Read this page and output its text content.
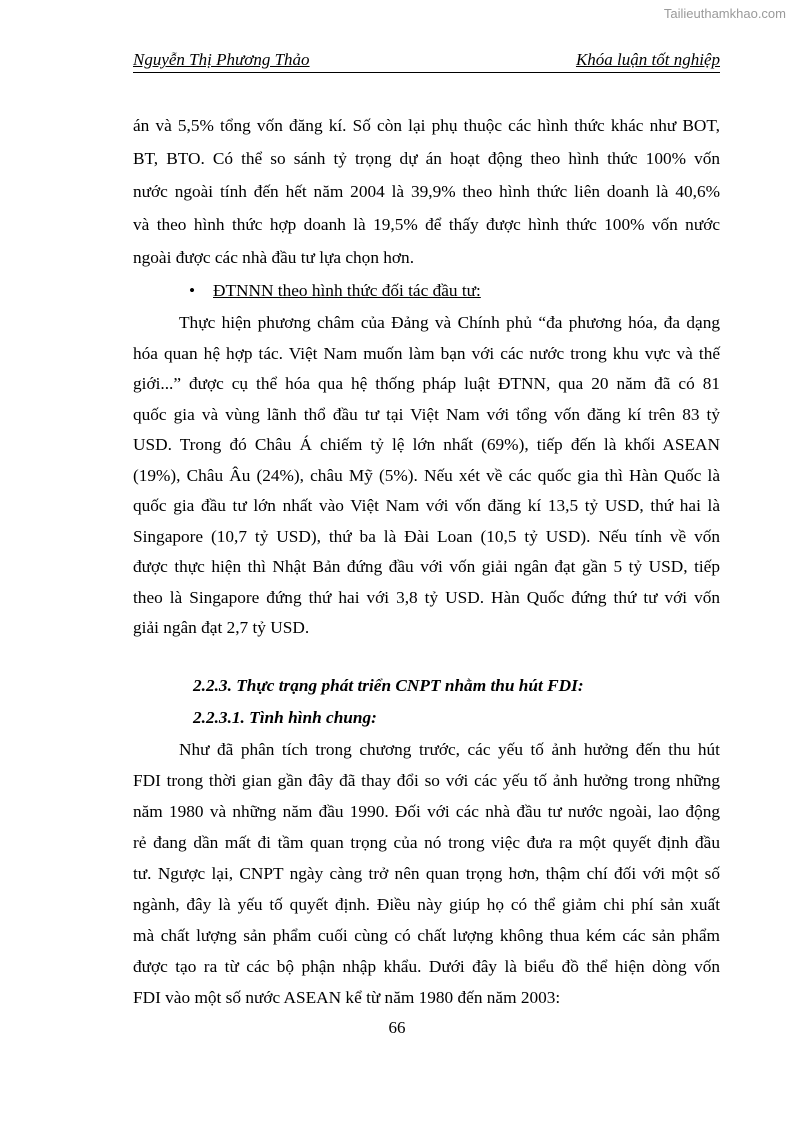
Tailieuthamkhao.com
Nguyễn Thị Phương Thảo	Khóa luận tốt nghiệp
án và 5,5% tổng vốn đăng kí. Số còn lại phụ thuộc các hình thức khác như BOT,
BT, BTO. Có thể so sánh tỷ trọng dự án hoạt động theo hình thức 100% vốn
nước ngoài tính đến hết năm 2004 là 39,9% theo hình thức liên doanh là 40,6%
và theo hình thức hợp doanh là 19,5% để thấy được hình thức 100% vốn nước
ngoài được các nhà đầu tư lựa chọn hơn.
• ĐTNNN theo hình thức đối tác đầu tư:
Thực hiện phương châm của Đảng và Chính phủ “đa phương hóa, đa dạng
hóa quan hệ hợp tác. Việt Nam muốn làm bạn với các nước trong khu vực và thế
giới...” được cụ thể hóa qua hệ thống pháp luật ĐTNN, qua 20 năm đã có 81
quốc gia và vùng lãnh thổ đầu tư tại Việt Nam với tổng vốn đăng kí trên 83 tỷ
USD. Trong đó Châu Á chiếm tỷ lệ lớn nhất (69%), tiếp đến là khối ASEAN
(19%), Châu Âu (24%), châu Mỹ (5%). Nếu xét về các quốc gia thì Hàn Quốc là
quốc gia đầu tư lớn nhất vào Việt Nam với vốn đăng kí 13,5 tỷ USD, thứ hai là
Singapore (10,7 tỷ USD), thứ ba là Đài Loan (10,5 tỷ USD). Nếu tính về vốn
được thực hiện thì Nhật Bản đứng đầu với vốn giải ngân đạt gần 5 tỷ USD, tiếp
theo là Singapore đứng thứ hai với 3,8 tỷ USD. Hàn Quốc đứng thứ tư với vốn
giải ngân đạt 2,7 tỷ USD.
2.2.3. Thực trạng phát triển CNPT nhằm thu hút FDI:
2.2.3.1. Tình hình chung:
Như đã phân tích trong chương trước, các yếu tố ảnh hưởng đến thu hút
FDI trong thời gian gần đây đã thay đổi so với các yếu tố ảnh hưởng trong những
năm 1980 và những năm đầu 1990. Đối với các nhà đầu tư nước ngoài, lao động
rẻ đang dần mất đi tầm quan trọng của nó trong việc đưa ra một quyết định đầu
tư. Ngược lại, CNPT ngày càng trở nên quan trọng hơn, thậm chí đối với một số
ngành, đây là yếu tố quyết định. Điều này giúp họ có thể giảm chi phí sản xuất
mà chất lượng sản phẩm cuối cùng có chất lượng không thua kém các sản phẩm
được tạo ra từ các bộ phận nhập khẩu. Dưới đây là biểu đồ thể hiện dòng vốn
FDI vào một số nước ASEAN kể từ năm 1980 đến năm 2003:
66
